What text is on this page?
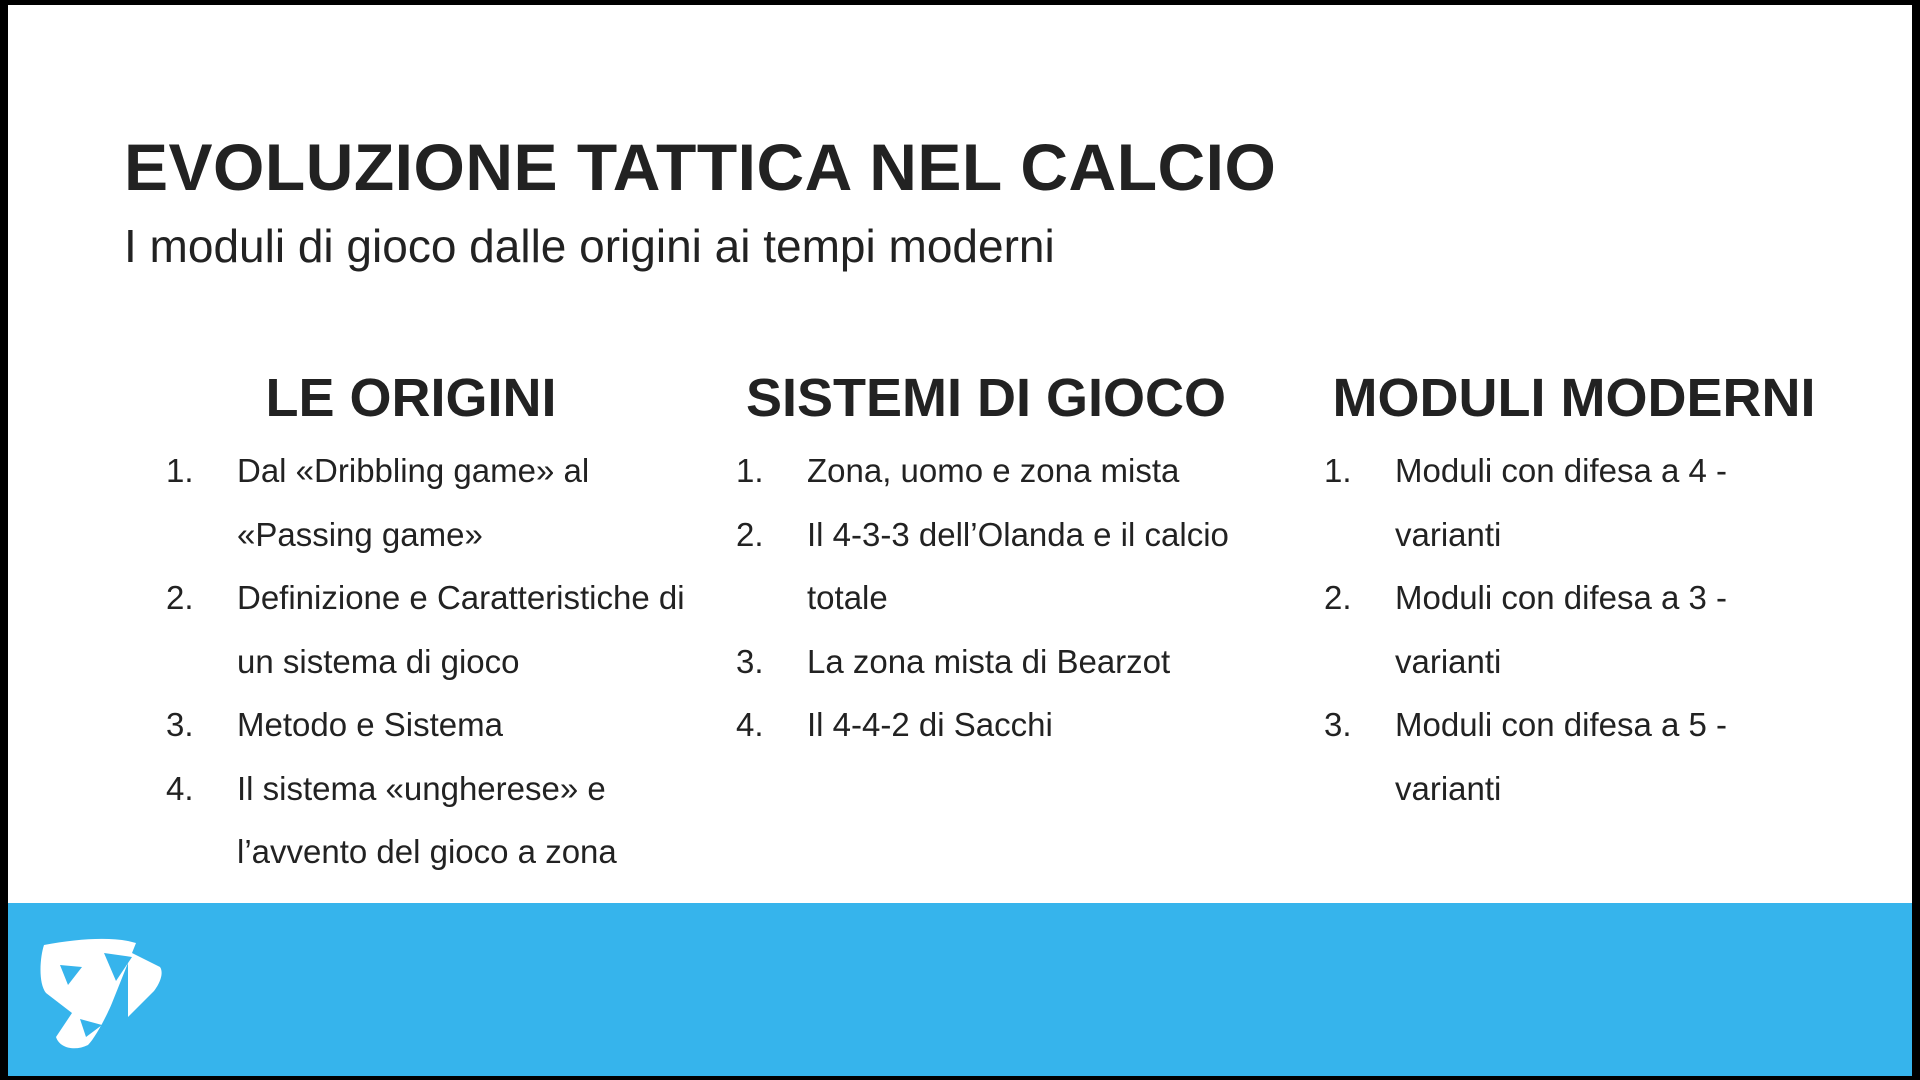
EVOLUZIONE TATTICA NEL CALCIO

I moduli di gioco dalle origini ai tempi moderni

LE ORIGINI
1. Dal «Dribbling game» al «Passing game»
2. Definizione e Caratteristiche di un sistema di gioco
3. Metodo e Sistema
4. Il sistema «ungherese» e l’avvento del gioco a zona
SISTEMI DI GIOCO
1. Zona, uomo e zona mista
2. Il 4-3-3 dell’Olanda e il calcio totale
3. La zona mista di Bearzot
4. Il 4-4-2 di Sacchi
MODULI MODERNI
1. Moduli con difesa a 4 - varianti
2. Moduli con difesa a 3 - varianti
3. Moduli con difesa a 5 - varianti
